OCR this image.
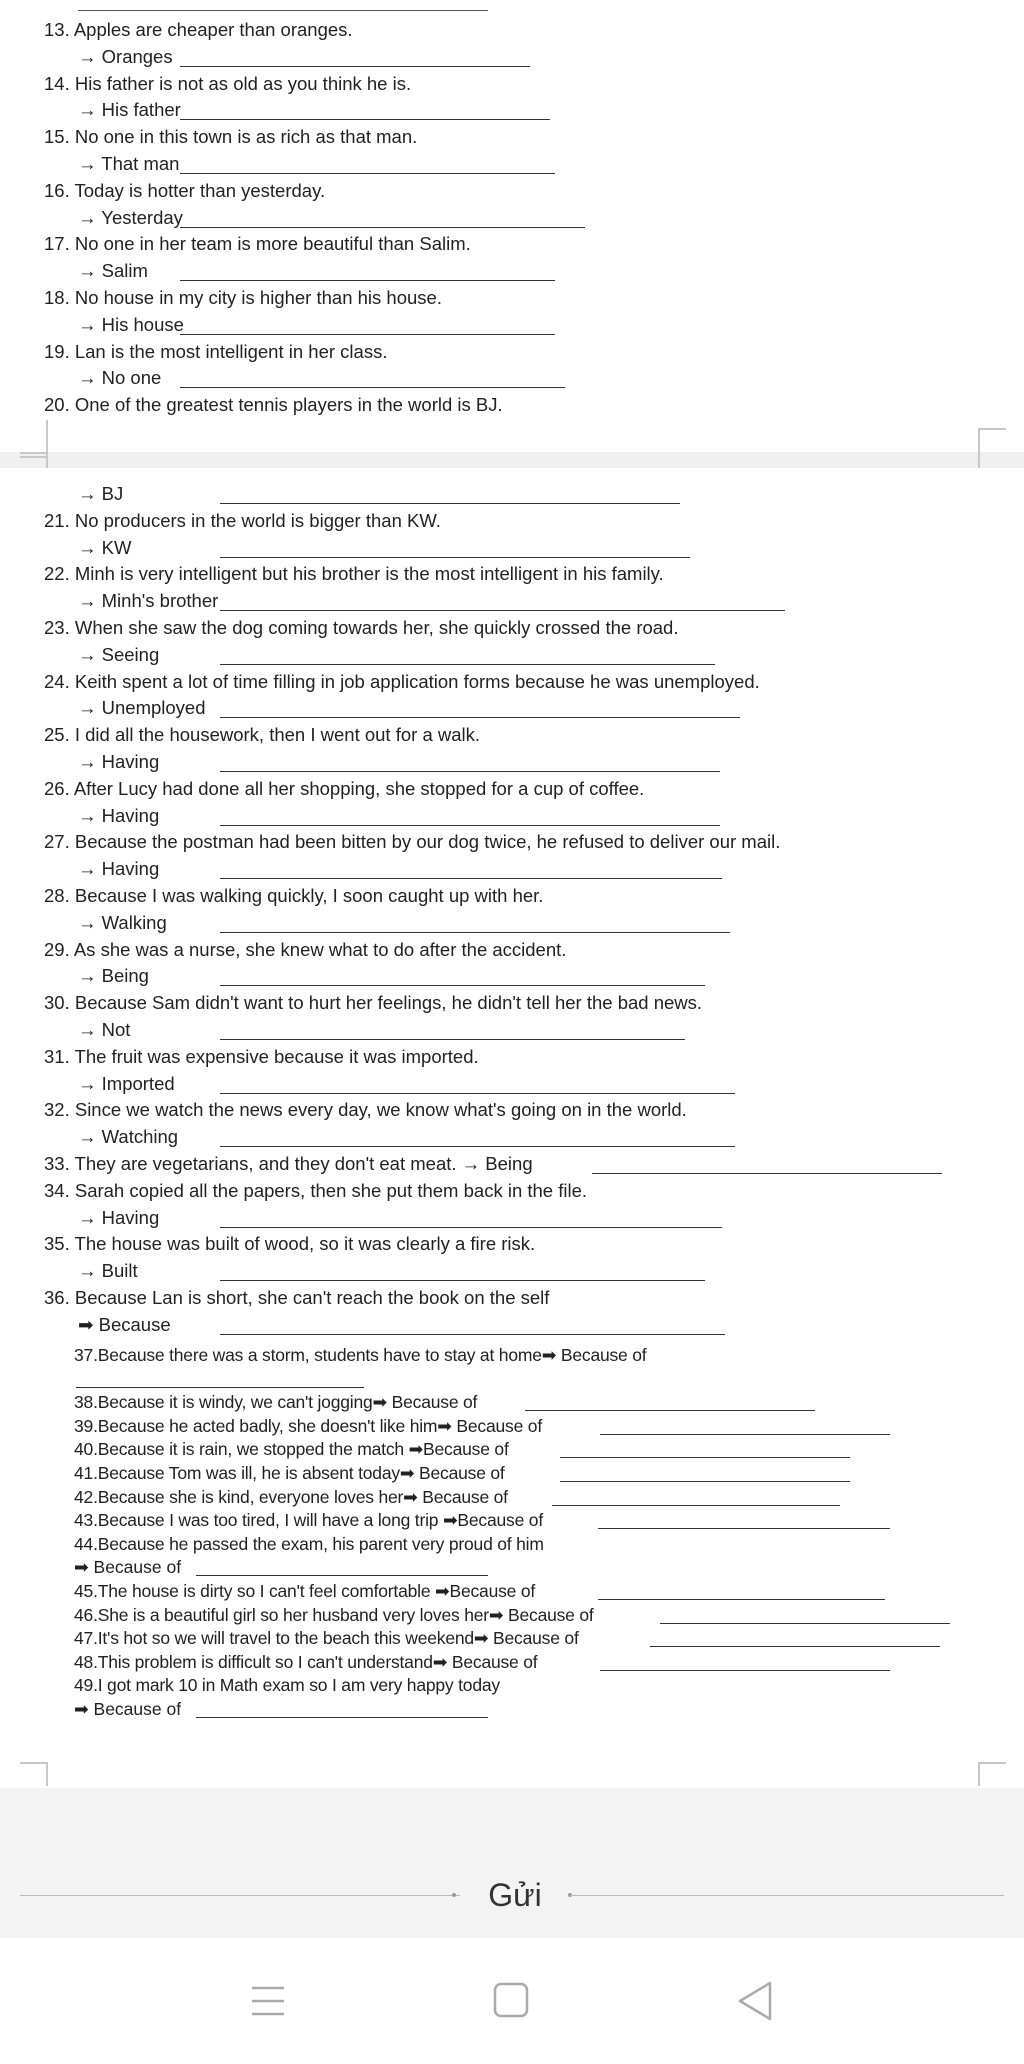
13. Apples are cheaper than oranges.
→ Oranges
14. His father is not as old as you think he is.
→ His father
15. No one in this town is as rich as that man.
→ That man
16. Today is hotter than yesterday.
→ Yesterday
17. No one in her team is more beautiful than Salim.
→ Salim
18. No house in my city is higher than his house.
→ His house
19. Lan is the most intelligent in her class.
→ No one
20. One of the greatest tennis players in the world is BJ.
→ BJ
21. No producers in the world is bigger than KW.
→ KW
22. Minh is very intelligent but his brother is the most intelligent in his family.
→ Minh's brother
23. When she saw the dog coming towards her, she quickly crossed the road.
→ Seeing
24. Keith spent a lot of time filling in job application forms because he was unemployed.
→ Unemployed
25. I did all the housework, then I went out for a walk.
→ Having
26. After Lucy had done all her shopping, she stopped for a cup of coffee.
→ Having
27. Because the postman had been bitten by our dog twice, he refused to deliver our mail.
→ Having
28. Because I was walking quickly, I soon caught up with her.
→ Walking
29. As she was a nurse, she knew what to do after the accident.
→ Being
30. Because Sam didn't want to hurt her feelings, he didn't tell her the bad news.
→ Not
31. The fruit was expensive because it was imported.
→ Imported
32. Since we watch the news every day, we know what's going on in the world.
→ Watching
33. They are vegetarians, and they don't eat meat. → Being
34. Sarah copied all the papers, then she put them back in the file.
→ Having
35. The house was built of wood, so it was clearly a fire risk.
→ Built
36. Because Lan is short, she can't reach the book on the self
➡ Because
37.Because there was a storm, students have to stay at home➡ Because of
38.Because it is windy, we can't jogging➡ Because of
39.Because he acted badly, she doesn't like him➡ Because of
40.Because it is rain, we stopped the match ➡Because of
41.Because Tom was ill, he is absent today➡ Because of
42.Because she is kind, everyone loves her➡ Because of
43.Because I was too tired, I will have a long trip ➡Because of
44.Because he passed the exam, his parent very proud of him
➡ Because of
45.The house is dirty so I can't feel comfortable ➡Because of
46.She is a beautiful girl so her husband very loves her➡ Because of
47.It's hot so we will travel to the beach this weekend➡ Because of
48.This problem is difficult so I can't understand➡ Because of
49.I got mark 10 in Math exam so I am very happy today
➡ Because of
Gửi
